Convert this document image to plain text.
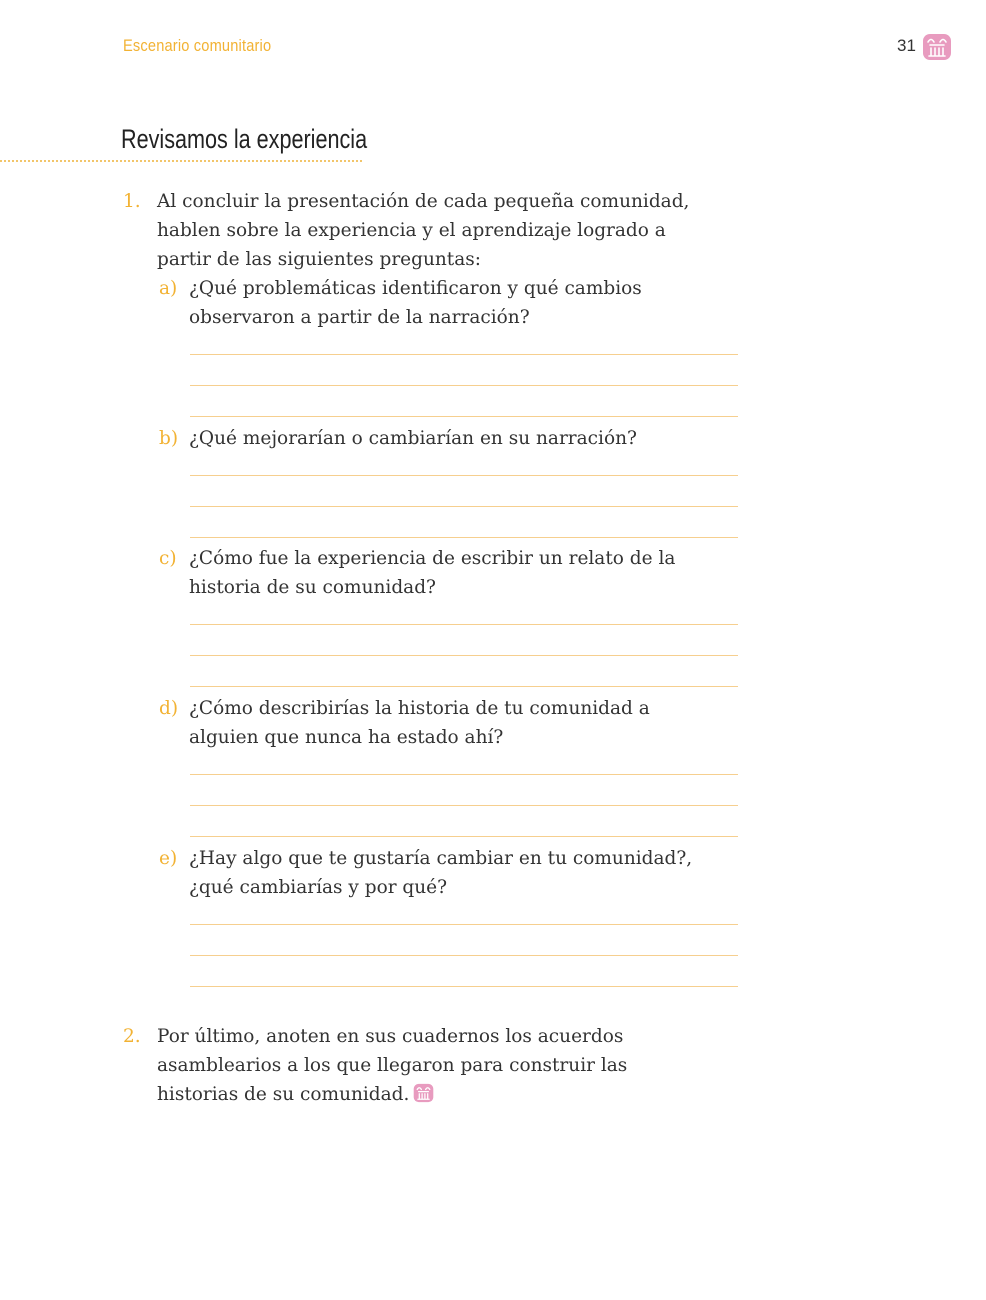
Escenario comunitario	31
Revisamos la experiencia
1. Al concluir la presentación de cada pequeña comunidad,

hablen sobre la experiencia y el aprendizaje logrado a

partir de las siguientes preguntas:

a) ¿Qué problemáticas identificaron y qué cambios

observaron a partir de la narración?

b) ¿Qué mejorarían o cambiarían en su narración?

c) ¿Cómo fue la experiencia de escribir un relato de la

historia de su comunidad?

d) ¿Cómo describirías la historia de tu comunidad a

alguien que nunca ha estado ahí?

e) ¿Hay algo que te gustaría cambiar en tu comunidad?,

¿qué cambiarías y por qué?

2. Por último, anoten en sus cuadernos los acuerdos

asamblearios a los que llegaron para construir las

historias de su comunidad.
